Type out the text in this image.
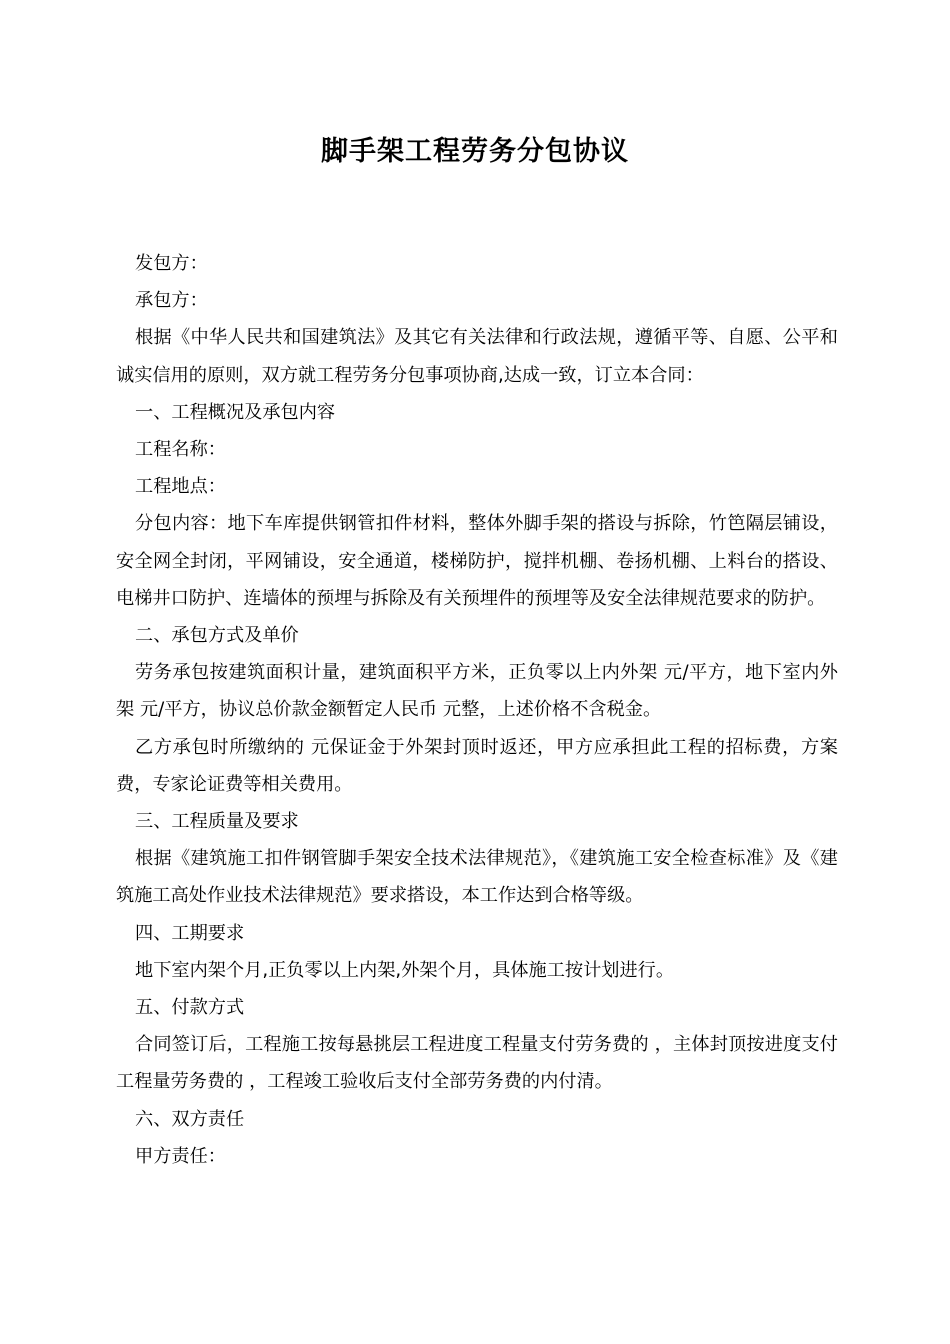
脚手架工程劳务分包协议

发包方：

承包方：

根据《中华人民共和国建筑法》及其它有关法律和行政法规，遵循平等、自愿、公平和诚实信用的原则，双方就工程劳务分包事项协商,达成一致，订立本合同：

一、工程概况及承包内容

工程名称：

工程地点：

分包内容：地下车库提供钢管扣件材料，整体外脚手架的搭设与拆除，竹笆隔层铺设，安全网全封闭，平网铺设，安全通道，楼梯防护，搅拌机棚、卷扬机棚、上料台的搭设、电梯井口防护、连墙体的预埋与拆除及有关预埋件的预埋等及安全法律规范要求的防护。

二、承包方式及单价

劳务承包按建筑面积计量，建筑面积平方米，正负零以上内外架 元/平方，地下室内外架 元/平方，协议总价款金额暂定人民币 元整，上述价格不含税金。

乙方承包时所缴纳的 元保证金于外架封顶时返还，甲方应承担此工程的招标费，方案费，专家论证费等相关费用。

三、工程质量及要求

根据《建筑施工扣件钢管脚手架安全技术法律规范》，《建筑施工安全检查标准》及《建筑施工高处作业技术法律规范》要求搭设，本工作达到合格等级。

四、工期要求

地下室内架个月,正负零以上内架,外架个月，具体施工按计划进行。

五、付款方式

合同签订后，工程施工按每悬挑层工程进度工程量支付劳务费的 ，主体封顶按进度支付工程量劳务费的 ，工程竣工验收后支付全部劳务费的内付清。

六、双方责任

甲方责任：
